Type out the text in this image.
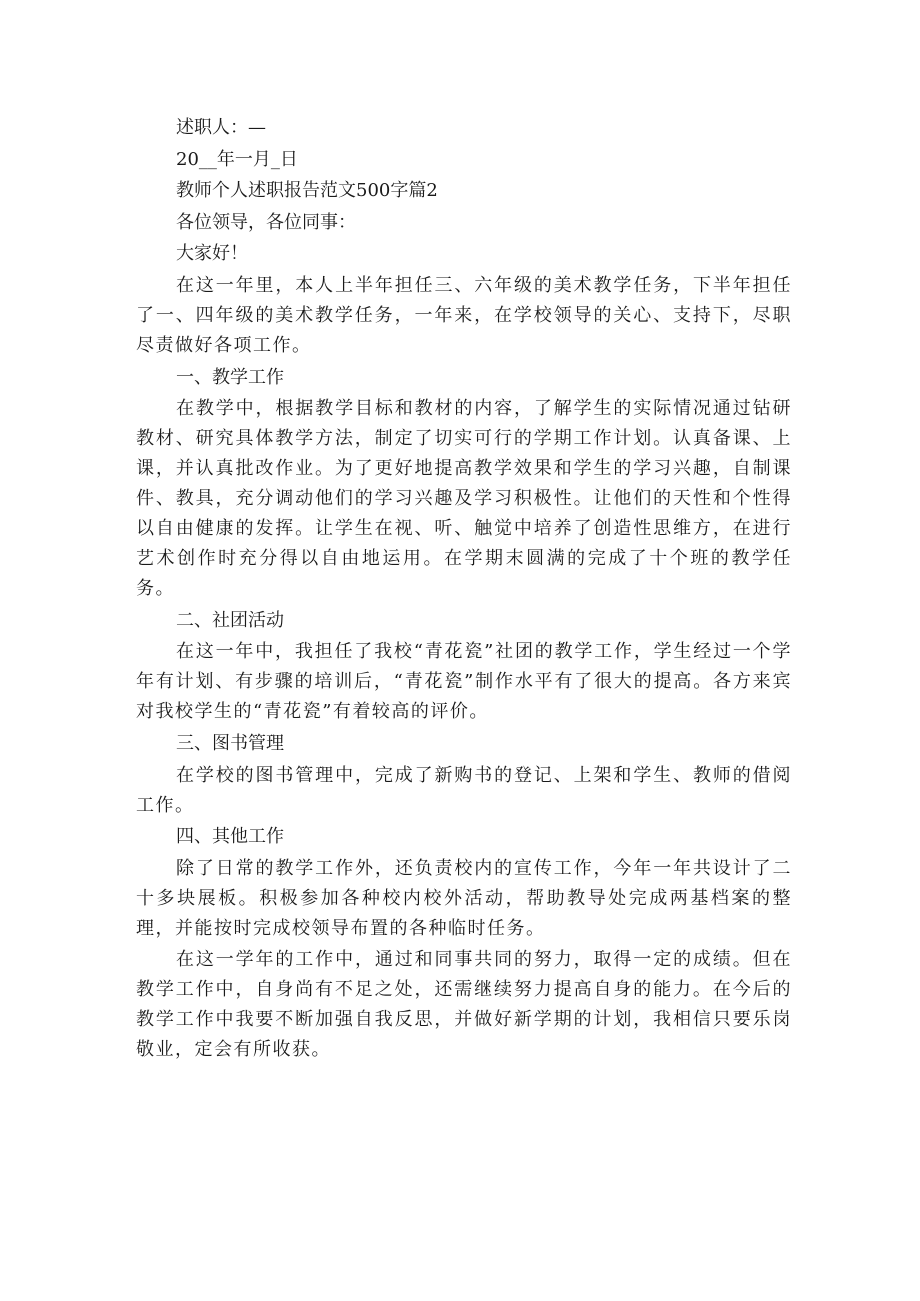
述职人：—

20__年一月_日

教师个人述职报告范文500字篇2

各位领导，各位同事：

大家好！

在这一年里，本人上半年担任三、六年级的美术教学任务，下半年担任了一、四年级的美术教学任务，一年来，在学校领导的关心、支持下，尽职尽责做好各项工作。

一、教学工作

在教学中，根据教学目标和教材的内容，了解学生的实际情况通过钻研教材、研究具体教学方法，制定了切实可行的学期工作计划。认真备课、上课，并认真批改作业。为了更好地提高教学效果和学生的学习兴趣，自制课件、教具，充分调动他们的学习兴趣及学习积极性。让他们的天性和个性得以自由健康的发挥。让学生在视、听、触觉中培养了创造性思维方，在进行艺术创作时充分得以自由地运用。在学期末圆满的完成了十个班的教学任务。

二、社团活动

在这一年中，我担任了我校“青花瓷”社团的教学工作，学生经过一个学年有计划、有步骤的培训后，“青花瓷”制作水平有了很大的提高。各方来宾对我校学生的“青花瓷”有着较高的评价。

三、图书管理

在学校的图书管理中，完成了新购书的登记、上架和学生、教师的借阅工作。

四、其他工作

除了日常的教学工作外，还负责校内的宣传工作，今年一年共设计了二十多块展板。积极参加各种校内校外活动，帮助教导处完成两基档案的整理，并能按时完成校领导布置的各种临时任务。

在这一学年的工作中，通过和同事共同的努力，取得一定的成绩。但在教学工作中，自身尚有不足之处，还需继续努力提高自身的能力。在今后的教学工作中我要不断加强自我反思，并做好新学期的计划，我相信只要乐岗敬业，定会有所收获。
